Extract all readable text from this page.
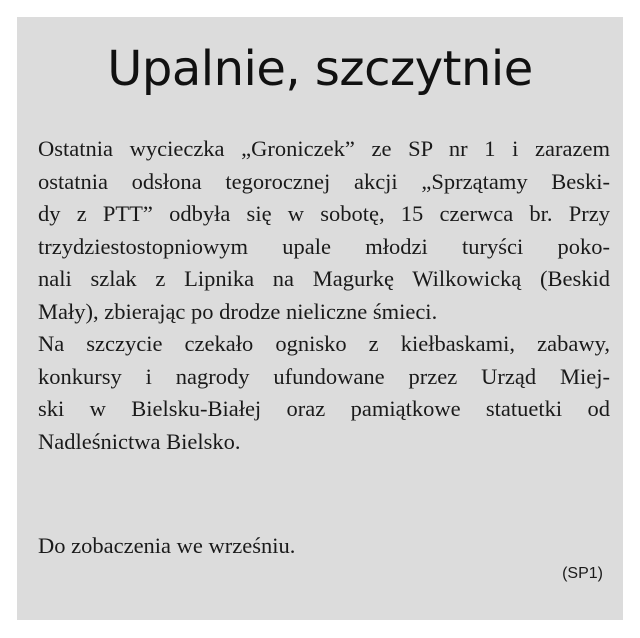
Upalnie, szczytnie
Ostatnia wycieczka „Groniczek” ze SP nr 1 i zarazem
ostatnia odsłona tegorocznej akcji „Sprzątamy Beski-
dy z PTT” odbyła się w sobotę, 15 czerwca br. Przy
trzydziestostopniowym upale młodzi turyści poko-
nali szlak z Lipnika na Magurkę Wilkowicką (Beskid
Mały), zbierając po drodze nieliczne śmieci.
Na szczycie czekało ognisko z kiełbaskami, zabawy,
konkursy i nagrody ufundowane przez Urząd Miej-
ski w Bielsku-Białej oraz pamiątkowe statuetki od
Nadleśnictwa Bielsko.
Do zobaczenia we wrześniu.
(SP1)
